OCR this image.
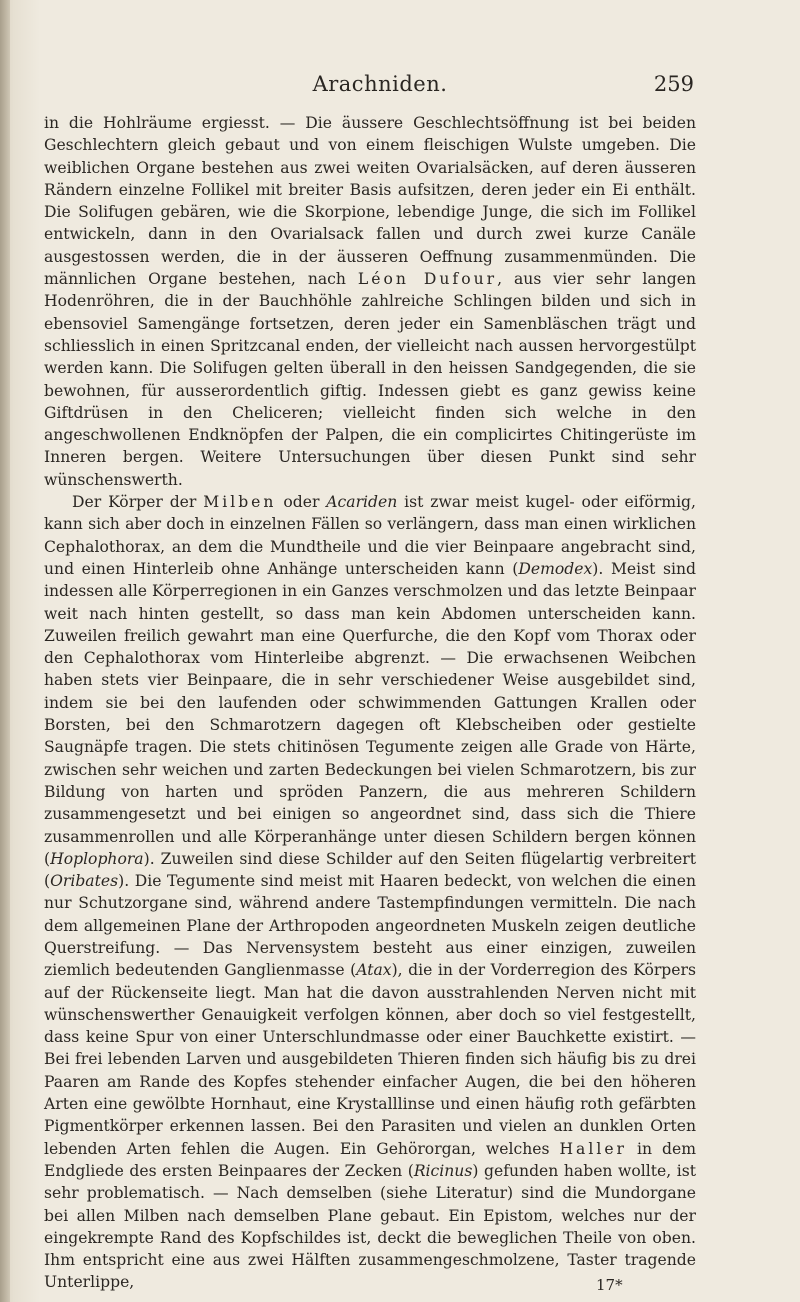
Arachniden.	259

in die Hohlräume ergiesst. — Die äussere Geschlechtsöffnung ist bei beiden Geschlechtern gleich gebaut und von einem fleischigen Wulste umgeben. Die weiblichen Organe bestehen aus zwei weiten Ovarialsäcken, auf deren äusseren Rändern einzelne Follikel mit breiter Basis aufsitzen, deren jeder ein Ei enthält. Die Solifugen gebären, wie die Skorpione, lebendige Junge, die sich im Follikel entwickeln, dann in den Ovarialsack fallen und durch zwei kurze Canäle ausgestossen werden, die in der äusseren Oeffnung zusammenmünden. Die männlichen Organe bestehen, nach Léon Dufour, aus vier sehr langen Hodenröhren, die in der Bauchhöhle zahlreiche Schlingen bilden und sich in ebensoviel Samengänge fortsetzen, deren jeder ein Samenbläschen trägt und schliesslich in einen Spritzcanal enden, der vielleicht nach aussen hervorgestülpt werden kann. Die Solifugen gelten überall in den heissen Sandgegenden, die sie bewohnen, für ausserordentlich giftig. Indessen giebt es ganz gewiss keine Giftdrüsen in den Cheliceren; vielleicht finden sich welche in den angeschwollenen Endknöpfen der Palpen, die ein complicirtes Chitingerüste im Inneren bergen. Weitere Untersuchungen über diesen Punkt sind sehr wünschenswerth.

Der Körper der Milben oder Acariden ist zwar meist kugel- oder eiförmig, kann sich aber doch in einzelnen Fällen so verlängern, dass man einen wirklichen Cephalothorax, an dem die Mundtheile und die vier Beinpaare angebracht sind, und einen Hinterleib ohne Anhänge unterscheiden kann (Demodex). Meist sind indessen alle Körperregionen in ein Ganzes verschmolzen und das letzte Beinpaar weit nach hinten gestellt, so dass man kein Abdomen unterscheiden kann. Zuweilen freilich gewahrt man eine Querfurche, die den Kopf vom Thorax oder den Cephalothorax vom Hinterleibe abgrenzt. — Die erwachsenen Weibchen haben stets vier Beinpaare, die in sehr verschiedener Weise ausgebildet sind, indem sie bei den laufenden oder schwimmenden Gattungen Krallen oder Borsten, bei den Schmarotzern dagegen oft Klebscheiben oder gestielte Saugnäpfe tragen. Die stets chitinösen Tegumente zeigen alle Grade von Härte, zwischen sehr weichen und zarten Bedeckungen bei vielen Schmarotzern, bis zur Bildung von harten und spröden Panzern, die aus mehreren Schildern zusammengesetzt und bei einigen so angeordnet sind, dass sich die Thiere zusammenrollen und alle Körperanhänge unter diesen Schildern bergen können (Hoplophora). Zuweilen sind diese Schilder auf den Seiten flügelartig verbreitert (Oribates). Die Tegumente sind meist mit Haaren bedeckt, von welchen die einen nur Schutzorgane sind, während andere Tastempfindungen vermitteln. Die nach dem allgemeinen Plane der Arthropoden angeordneten Muskeln zeigen deutliche Querstreifung. — Das Nervensystem besteht aus einer einzigen, zuweilen ziemlich bedeutenden Ganglienmasse (Atax), die in der Vorderregion des Körpers auf der Rückenseite liegt. Man hat die davon ausstrahlenden Nerven nicht mit wünschenswerther Genauigkeit verfolgen können, aber doch so viel festgestellt, dass keine Spur von einer Unterschlundmasse oder einer Bauchkette existirt. — Bei frei lebenden Larven und ausgebildeten Thieren finden sich häufig bis zu drei Paaren am Rande des Kopfes stehender einfacher Augen, die bei den höheren Arten eine gewölbte Hornhaut, eine Krystalllinse und einen häufig roth gefärbten Pigmentkörper erkennen lassen. Bei den Parasiten und vielen an dunklen Orten lebenden Arten fehlen die Augen. Ein Gehörorgan, welches Haller in dem Endgliede des ersten Beinpaares der Zecken (Ricinus) gefunden haben wollte, ist sehr problematisch. — Nach demselben (siehe Literatur) sind die Mundorgane bei allen Milben nach demselben Plane gebaut. Ein Epistom, welches nur der eingekrempte Rand des Kopfschildes ist, deckt die beweglichen Theile von oben. Ihm entspricht eine aus zwei Hälften zusammengeschmolzene, Taster tragende Unterlippe,	17*
